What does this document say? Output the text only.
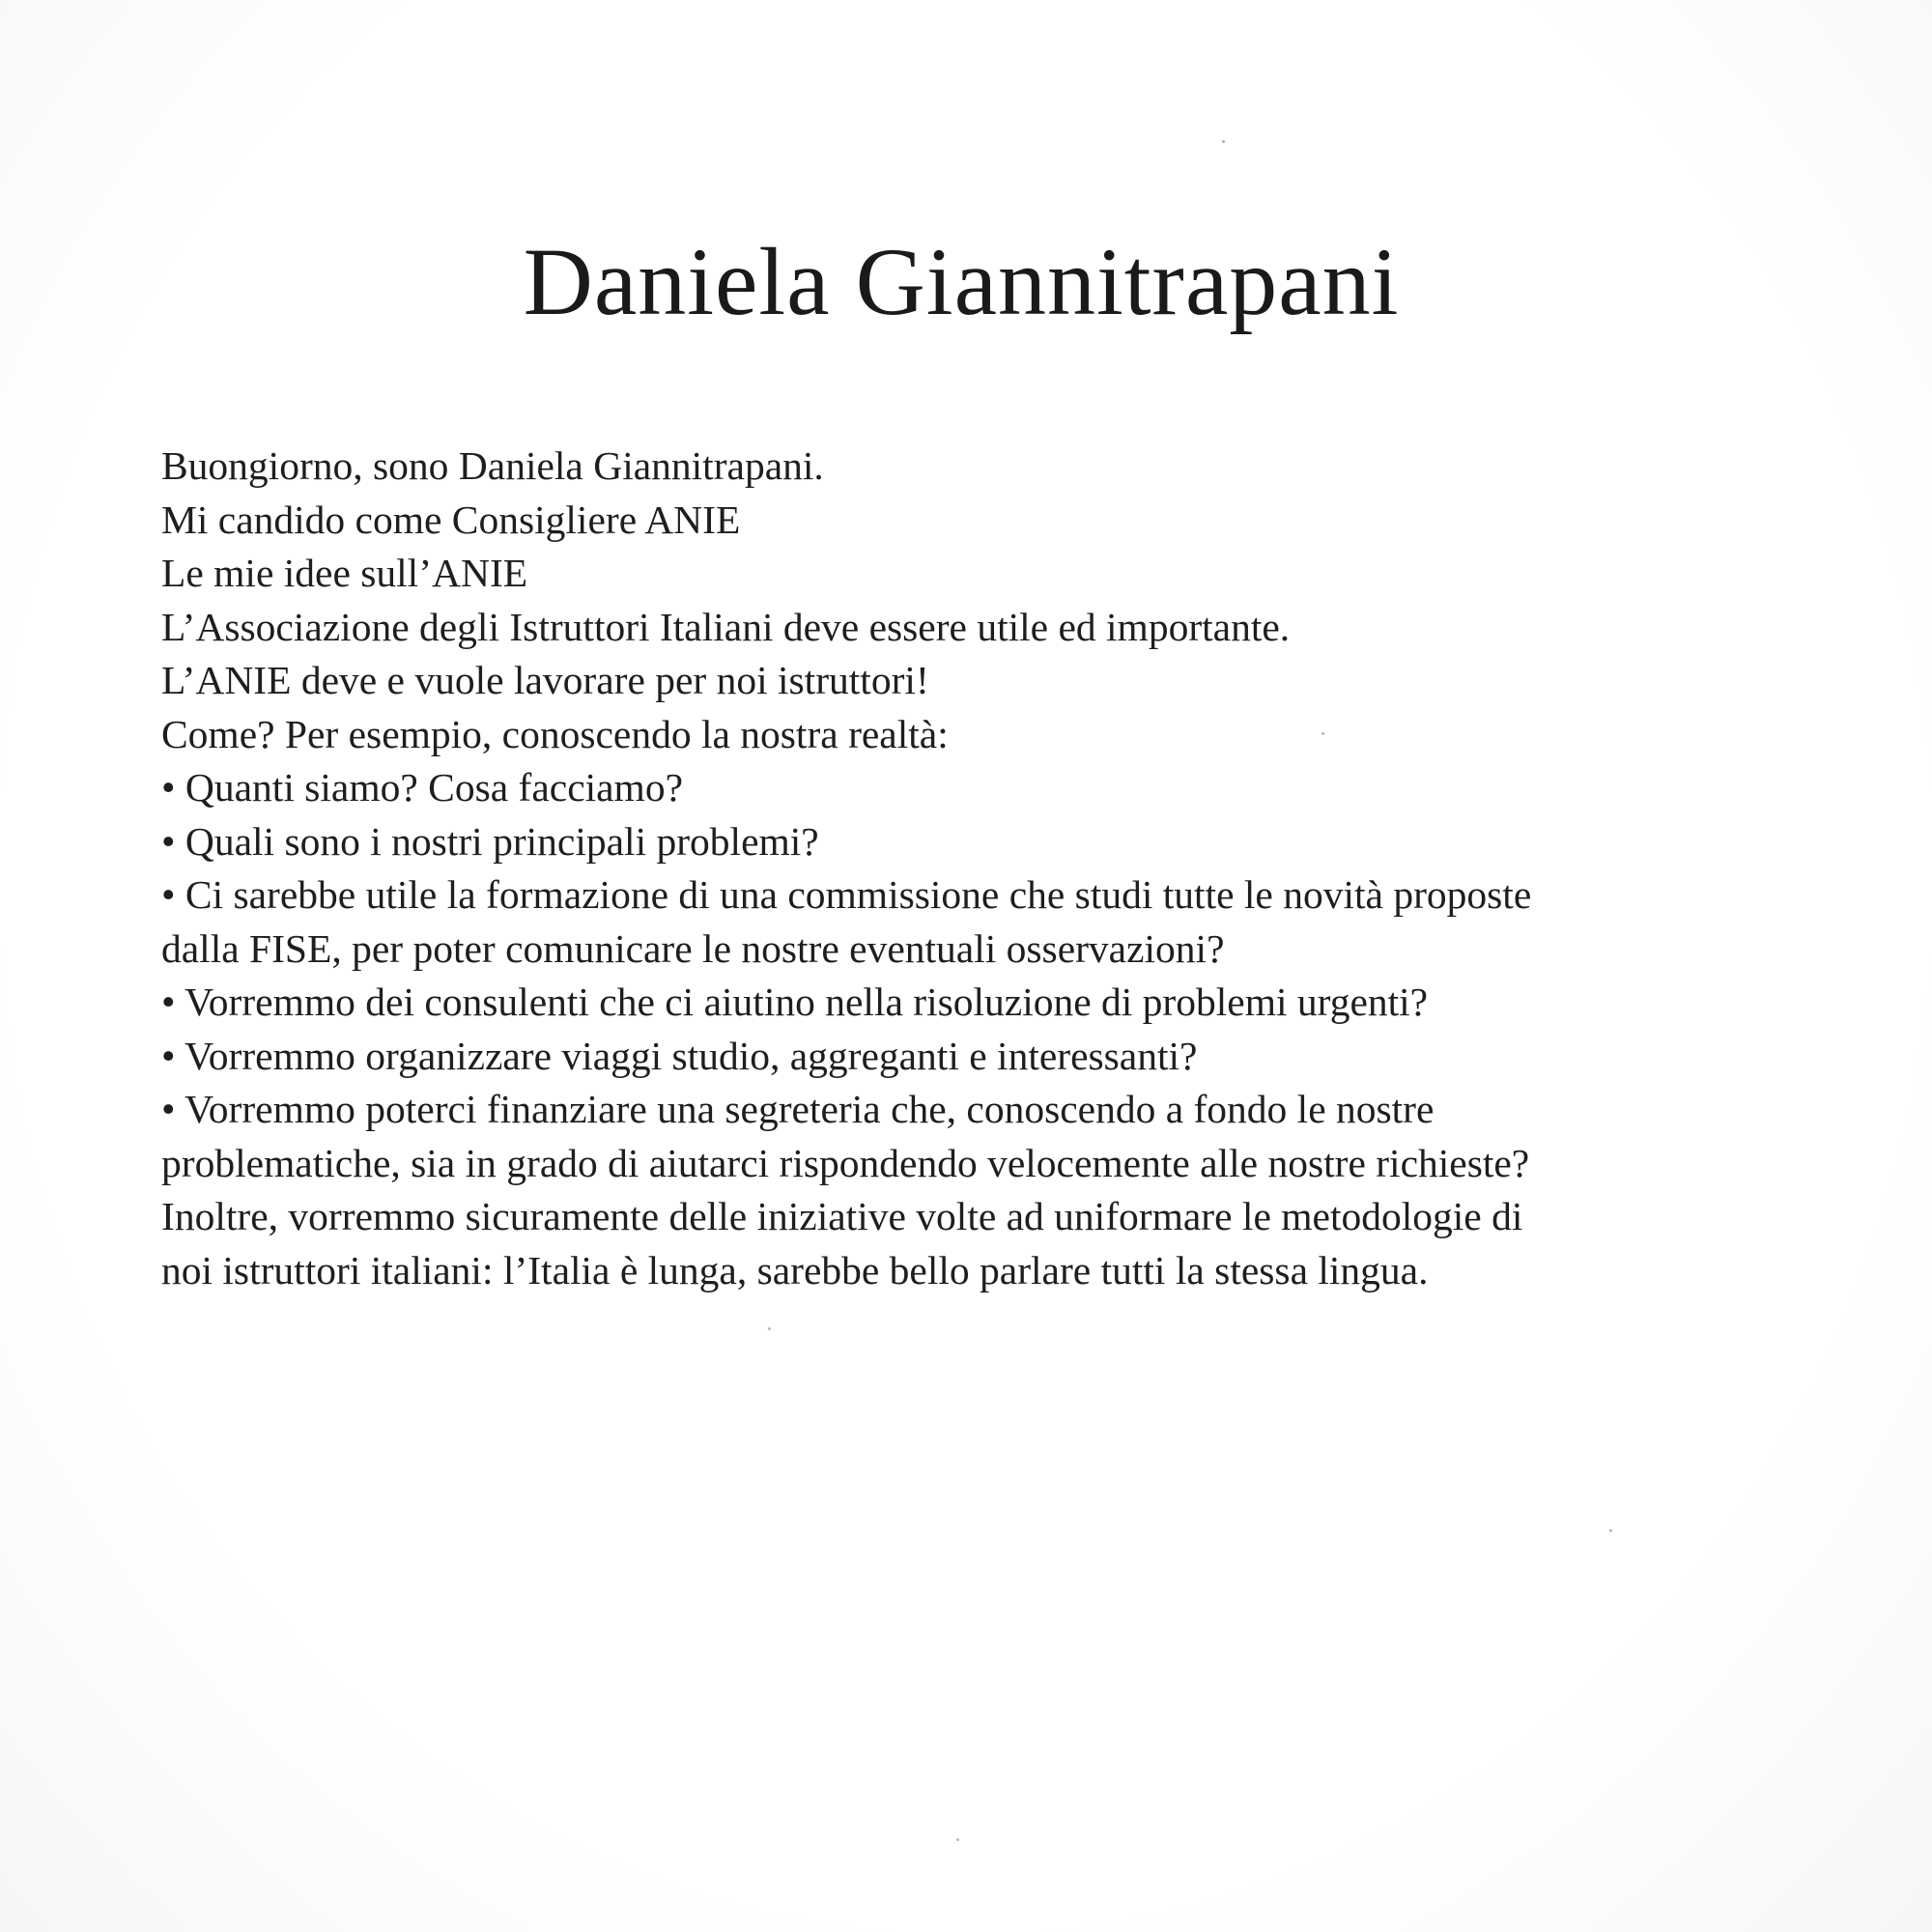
Daniela Giannitrapani
Buongiorno, sono Daniela Giannitrapani.
Mi candido come Consigliere ANIE
Le mie idee sull’ANIE
L’Associazione degli Istruttori Italiani deve essere utile ed importante.
L’ANIE deve e vuole lavorare per noi istruttori!
Come? Per esempio, conoscendo la nostra realtà:
• Quanti siamo? Cosa facciamo?
• Quali sono i nostri principali problemi?
• Ci sarebbe utile la formazione di una commissione che studi tutte le novità proposte
dalla FISE, per poter comunicare le nostre eventuali osservazioni?
• Vorremmo dei consulenti che ci aiutino nella risoluzione di problemi urgenti?
• Vorremmo organizzare viaggi studio, aggreganti e interessanti?
• Vorremmo poterci finanziare una segreteria che, conoscendo a fondo le nostre
problematiche, sia in grado di aiutarci rispondendo velocemente alle nostre richieste?
Inoltre, vorremmo sicuramente delle iniziative volte ad uniformare le metodologie di
noi istruttori italiani: l’Italia è lunga, sarebbe bello parlare tutti la stessa lingua.
